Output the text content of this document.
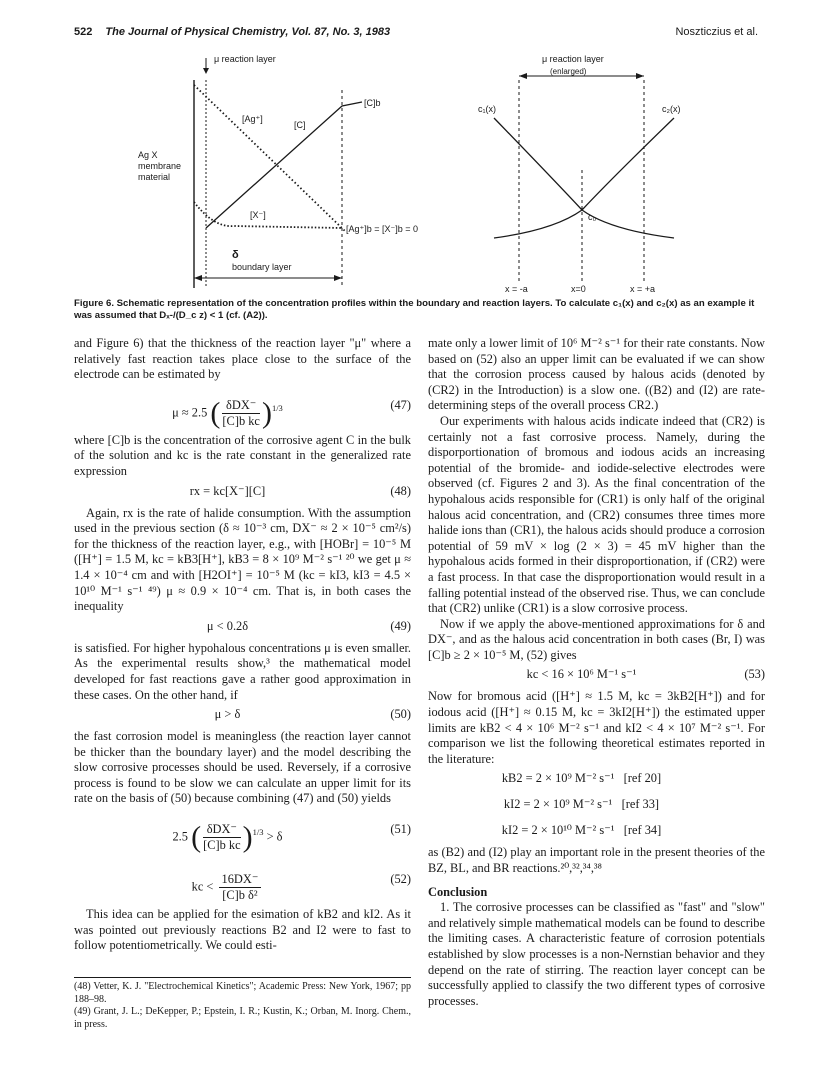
522 The Journal of Physical Chemistry, Vol. 87, No. 3, 1983	Noszticzius et al.
μ reaction layer
Ag X membrane material
[Ag⁺]
[C]
[C]b
[X⁻]
[Ag⁺]b = [X⁻]b = 0
δ
boundary layer
μ reaction layer
(enlarged)
c₁(x)	c₂(x)
c₀
x = -a	x=0	x = +a
Figure 6. Schematic representation of the concentration profiles within the boundary and reaction layers. To calculate c₁(x) and c₂(x) as an example it was assumed that Dₓ-/(D_c z) < 1 (cf. (A2)).

and Figure 6) that the thickness of the reaction layer "μ" where a relatively fast reaction takes place close to the surface of the electrode can be estimated by

μ ≈ 2.5 ( $\frac{\text{δDX⁻}}{\text{[C]b kc}} )^{1/3}$	(47)

where [C]b is the concentration of the corrosive agent C in the bulk of the solution and kc is the rate constant in the generalized rate expression

rx = kc[X⁻][C]	(48)

Again, rx is the rate of halide consumption. With the assumption used in the previous section (δ ≈ 10⁻³ cm, DX⁻ ≈ 2 × 10⁻⁵ cm²/s) for the thickness of the reaction layer, e.g., with [HOBr] = 10⁻⁵ M ([H⁺] = 1.5 M, kc = kB3[H⁺], kB3 = 8 × 10⁹ M⁻² s⁻¹ ²⁰ we get μ ≈ 1.4 × 10⁻⁴ cm and with [H2OI⁺] = 10⁻⁵ M (kc = kI3, kI3 = 4.5 × 10¹⁰ M⁻¹ s⁻¹ ⁴⁹) μ ≈ 0.9 × 10⁻⁴ cm. That is, in both cases the inequality

μ < 0.2δ	(49)

is satisfied. For higher hypohalous concentrations μ is even smaller. As the experimental results show,³ the mathematical model developed for fast reactions gave a rather good approximation in these cases. On the other hand, if

μ > δ	(50)

the fast corrosion model is meaningless (the reaction layer cannot be thicker than the boundary layer) and the model describing the slow corrosive processes should be used. Reversely, if a corrosive process is found to be slow we can calculate an upper limit for its rate on the basis of (50) because combining (47) and (50) yields

2.5 ( $\frac{\text{δDX⁻}}{\text{[C]b kc}} )^{1/3} > \delta$
(51)
kc < $\frac{16DX^-}{\text{[C]b δ²}}$	(52)

This idea can be applied for the esimation of kB2 and kI2. As it was pointed out previously reactions B2 and I2 were to fast to follow potentiometrically. We could esti-

(48) Vetter, K. J. "Electrochemical Kinetics"; Academic Press: New York, 1967; pp 188–98.

(49) Grant, J. L.; DeKepper, P.; Epstein, I. R.; Kustin, K.; Orban, M. Inorg. Chem., in press.

mate only a lower limit of 10⁶ M⁻² s⁻¹ for their rate constants. Now based on (52) also an upper limit can be evaluated if we can show that the corrosion process caused by halous acids (denoted by (CR2) in the Introduction) is a slow one. ((B2) and (I2) are rate-determining steps of the overall process CR2.)

Our experiments with halous acids indicate indeed that (CR2) is certainly not a fast corrosive process. Namely, during the disporportionation of bromous and iodous acids an increasing potential of the bromide- and iodide-selective electrodes were observed (cf. Figures 2 and 3). As the final concentration of the hypohalous acids responsible for (CR1) is only half of the original halous acid concentration, and (CR2) consumes three times more halide ions than (CR1), the halous acids should produce a corrosion potential of 59 mV × log (2 × 3) = 45 mV higher than the hypohalous acids formed in their disproportionation, if (CR2) were a fast process. In that case the disproportionation would result in a falling potential instead of the observed rise. Thus, we can conclude that (CR2) unlike (CR1) is a slow corrosive process.

Now if we apply the above-mentioned approximations for δ and DX⁻, and as the halous acid concentration in both cases (Br, I) was [C]b ≥ 2 × 10⁻⁵ M, (52) gives

kc < 16 × 10⁶ M⁻¹ s⁻¹	(53)

Now for bromous acid ([H⁺] ≈ 1.5 M, kc = 3kB2[H⁺]) and for iodous acid ([H⁺] ≈ 0.15 M, kc = 3kI2[H⁺]) the estimated upper limits are kB2 < 4 × 10⁶ M⁻² s⁻¹ and kI2 < 4 × 10⁷ M⁻² s⁻¹. For comparison we list the following theoretical estimates reported in the literature:

kB2 = 2 × 10⁹ M⁻² s⁻¹ [ref 20]
kI2 = 2 × 10⁹ M⁻² s⁻¹ [ref 33]
kI2 = 2 × 10¹⁰ M⁻² s⁻¹ [ref 34]

as (B2) and (I2) play an important role in the present theories of the BZ, BL, and BR reactions.²⁰,³²,³⁴,³⁸

Conclusion

1. The corrosive processes can be classified as "fast" and "slow" and relatively simple mathematical models can be found to describe the limiting cases. A characteristic feature of corrosion potentials established by slow processes is a non-Nernstian behavior and they depend on the rate of stirring. The reaction layer concept can be successfully applied to classify the two different types of corrosive processes.
